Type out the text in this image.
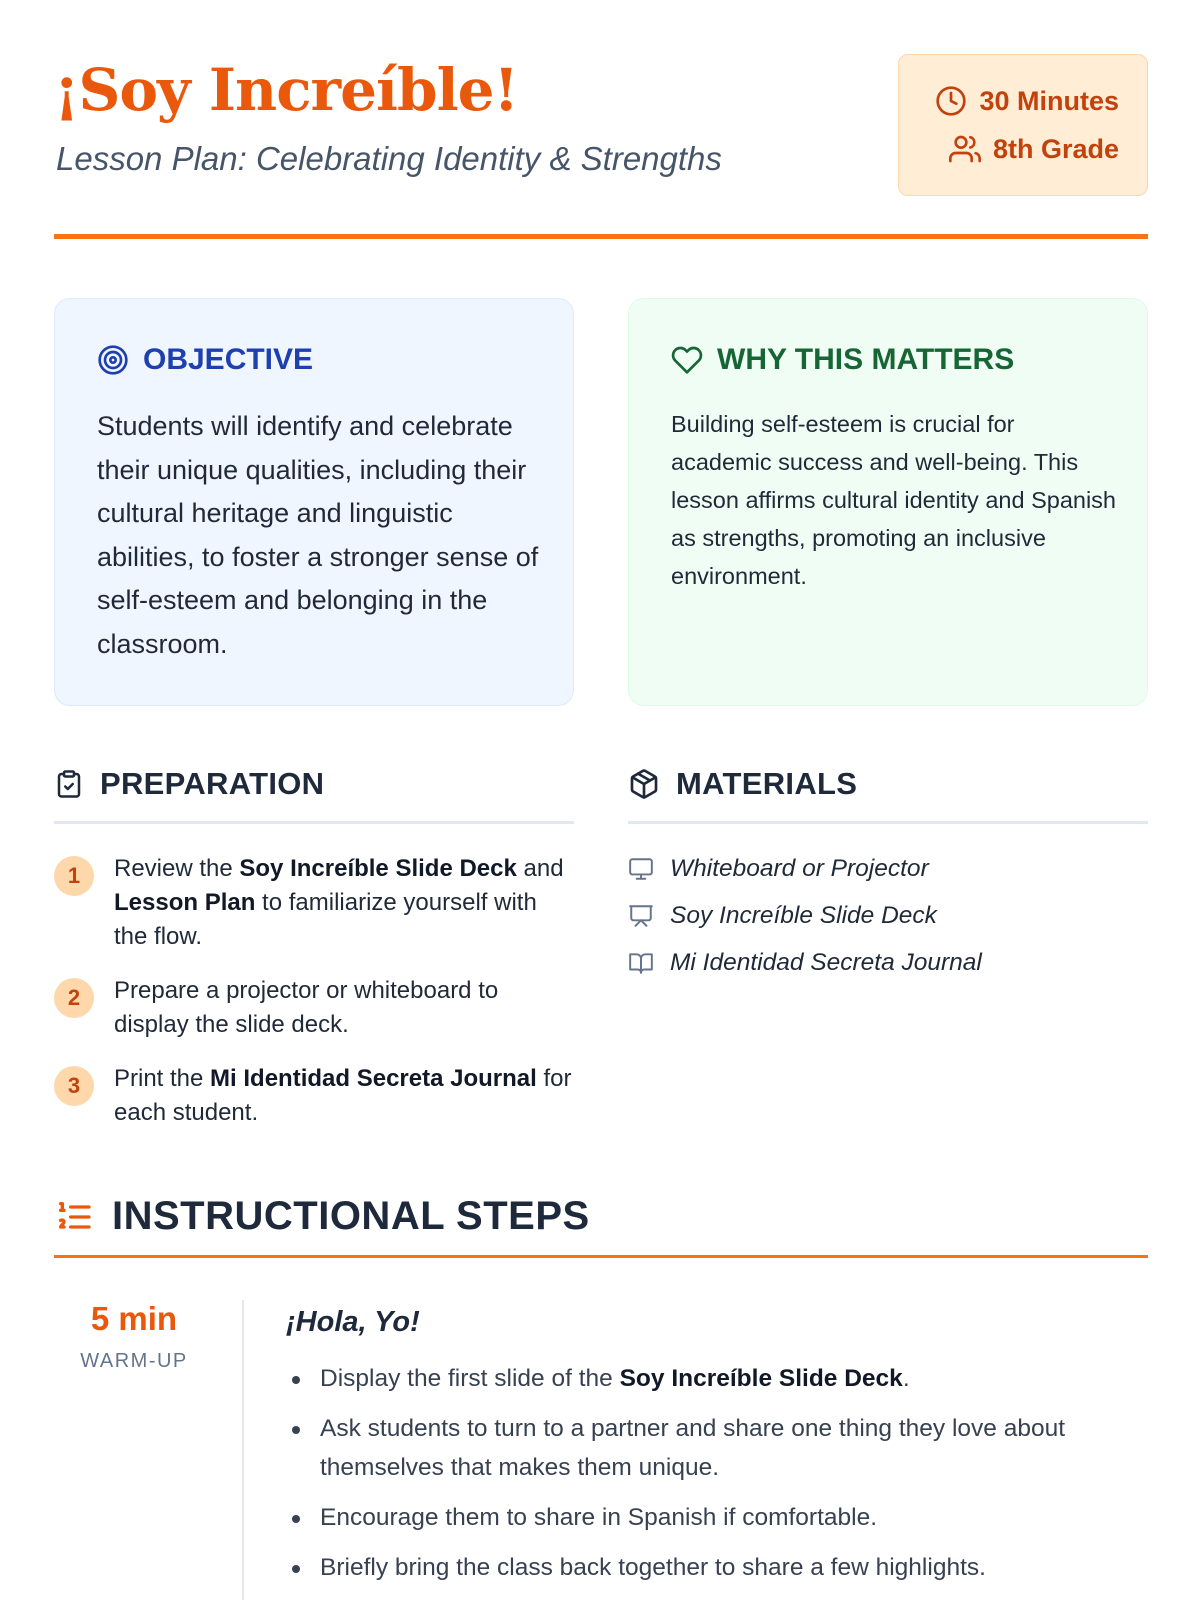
¡Soy Increíble!
Lesson Plan: Celebrating Identity & Strengths
30 Minutes
8th Grade
OBJECTIVE
Students will identify and celebrate their unique qualities, including their cultural heritage and linguistic abilities, to foster a stronger sense of self-esteem and belonging in the classroom.
WHY THIS MATTERS
Building self-esteem is crucial for academic success and well-being. This lesson affirms cultural identity and Spanish as strengths, promoting an inclusive environment.
PREPARATION
1	Review the Soy Increíble Slide Deck and Lesson Plan to familiarize yourself with the flow.
2	Prepare a projector or whiteboard to display the slide deck.
3	Print the Mi Identidad Secreta Journal for each student.
MATERIALS
Whiteboard or Projector
Soy Increíble Slide Deck
Mi Identidad Secreta Journal
INSTRUCTIONAL STEPS
5 min
WARM-UP
¡Hola, Yo!
Display the first slide of the Soy Increíble Slide Deck.
Ask students to turn to a partner and share one thing they love about themselves that makes them unique.
Encourage them to share in Spanish if comfortable.
Briefly bring the class back together to share a few highlights.
